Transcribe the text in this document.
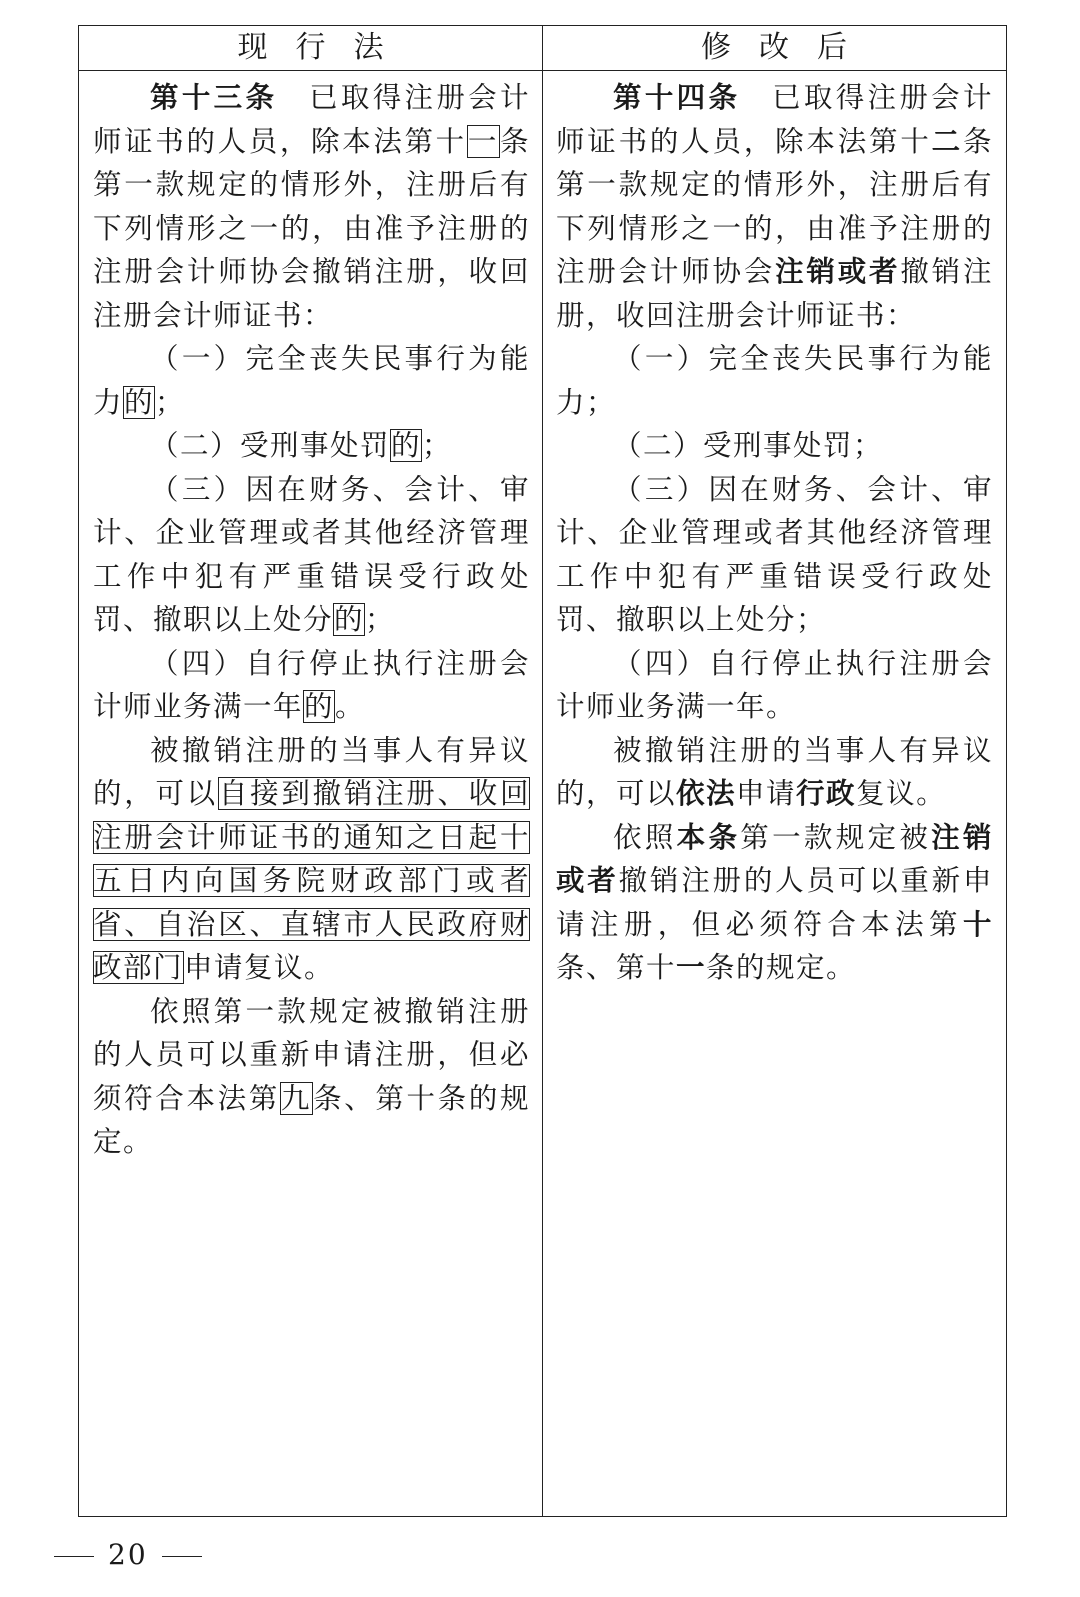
现行法	修改后

第十三条　已取得注册会计师证书的人员，除本法第十一条第一款规定的情形外，注册后有下列情形之一的，由准予注册的注册会计师协会撤销注册，收回注册会计师证书：

（一）完全丧失民事行为能力的；

（二）受刑事处罚的；

（三）因在财务、会计、审计、企业管理或者其他经济管理工作中犯有严重错误受行政处罚、撤职以上处分的；

（四）自行停止执行注册会计师业务满一年的。

被撤销注册的当事人有异议的，可以自接到撤销注册、收回注册会计师证书的通知之日起十五日内向国务院财政部门或者省、自治区、直辖市人民政府财政部门申请复议。

依照第一款规定被撤销注册的人员可以重新申请注册，但必须符合本法第九条、第十条的规定。

第十四条　已取得注册会计师证书的人员，除本法第十二条第一款规定的情形外，注册后有下列情形之一的，由准予注册的注册会计师协会注销或者撤销注册，收回注册会计师证书：

（一）完全丧失民事行为能力；

（二）受刑事处罚；

（三）因在财务、会计、审计、企业管理或者其他经济管理工作中犯有严重错误受行政处罚、撤职以上处分；

（四）自行停止执行注册会计师业务满一年。

被撤销注册的当事人有异议的，可以依法申请行政复议。

依照本条第一款规定被注销或者撤销注册的人员可以重新申请注册，但必须符合本法第十条、第十一条的规定。

20
